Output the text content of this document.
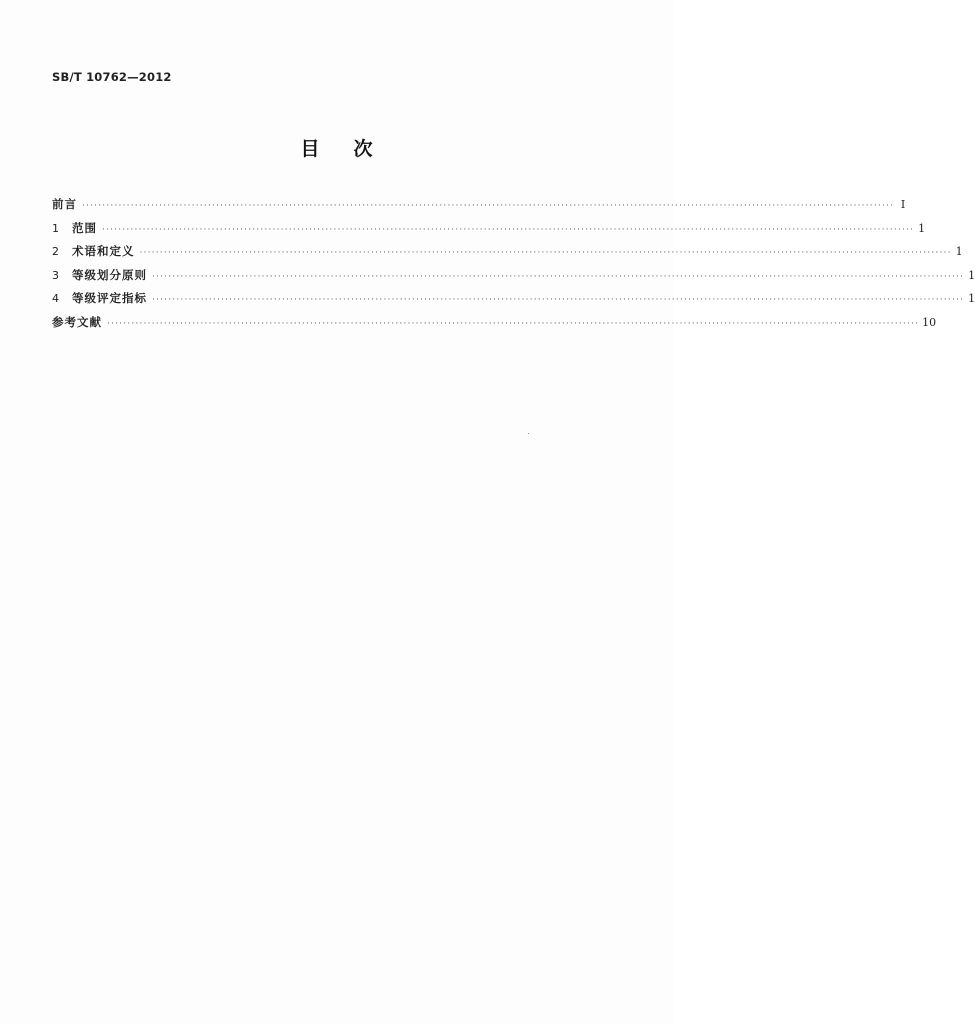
SB/T 10762—2012
目次
前言 ········································································································································································································ Ⅰ
1	范围 ········································································································································································································ 1
2	术语和定义 ········································································································································································································ 1
3	等级划分原则 ········································································································································································································ 1
4	等级评定指标 ········································································································································································································ 1
参考文献 ········································································································································································································ 10
